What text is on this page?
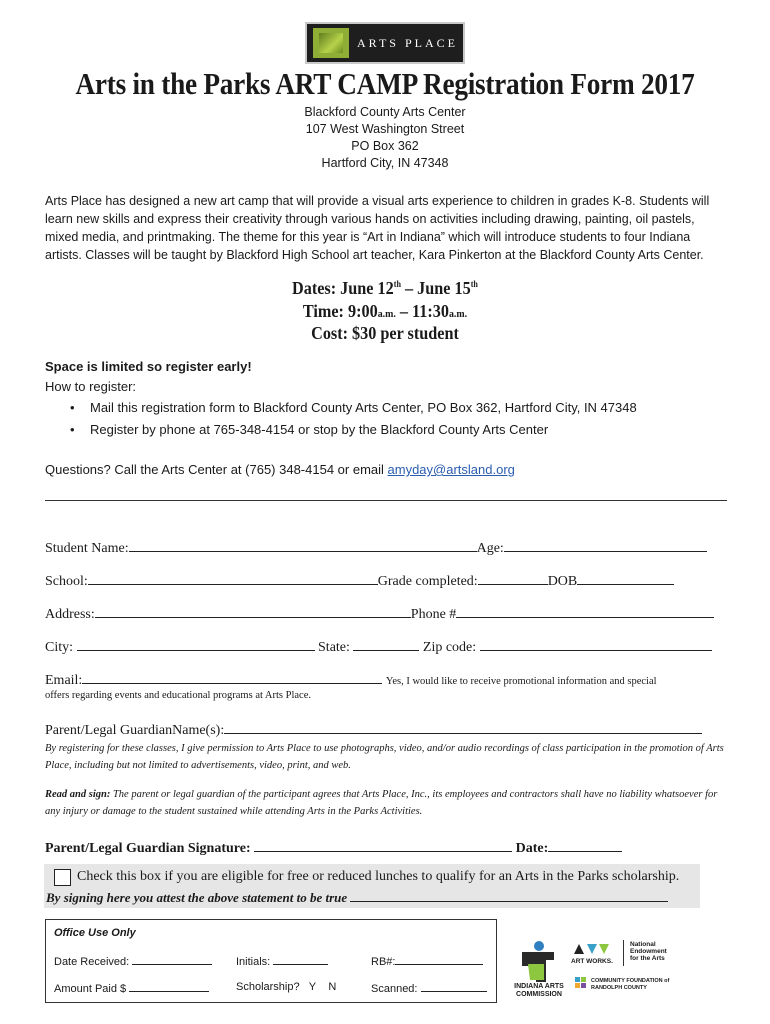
ARTS PLACE
Arts in the Parks ART CAMP Registration Form 2017
Blackford County Arts Center
107 West Washington Street
PO Box 362
Hartford City, IN 47348
Arts Place has designed a new art camp that will provide a visual arts experience to children in grades K-8. Students will learn new skills and express their creativity through various hands on activities including drawing, painting, oil pastels, mixed media, and printmaking. The theme for this year is “Art in Indiana” which will introduce students to four Indiana artists. Classes will be taught by Blackford High School art teacher, Kara Pinkerton at the Blackford County Arts Center.
Dates: June 12th – June 15th
Time: 9:00a.m. – 11:30a.m.
Cost: $30 per student
Space is limited so register early!
How to register:
• Mail this registration form to Blackford County Arts Center, PO Box 362, Hartford City, IN 47348
• Register by phone at 765-348-4154 or stop by the Blackford County Arts Center
Questions? Call the Arts Center at (765) 348-4154 or email amyday@artsland.org
Student Name:	Age:
School:	Grade completed:	DOB
Address:	Phone #
City:	State:	Zip code:
Email:	Yes, I would like to receive promotional information and special
offers regarding events and educational programs at Arts Place.
Parent/Legal GuardianName(s):
By registering for these classes, I give permission to Arts Place to use photographs, video, and/or audio recordings of class participation in the promotion of Arts Place, including but not limited to advertisements, video, print, and web.
Read and sign: The parent or legal guardian of the participant agrees that Arts Place, Inc., its employees and contractors shall have no liability whatsoever for any injury or damage to the student sustained while attending Arts in the Parks Activities.
Parent/Legal Guardian Signature:	Date:
Check this box if you are eligible for free or reduced lunches to qualify for an Arts in the Parks scholarship.
By signing here you attest the above statement to be true
Office Use Only
Date Received:	Initials:	RB#:
Amount Paid $	Scholarship? Y N	Scanned:	INDIANA ARTS COMMISSION
ART WORKS.
National Endowment for the Arts
COMMUNITY FOUNDATION of RANDOLPH COUNTY
